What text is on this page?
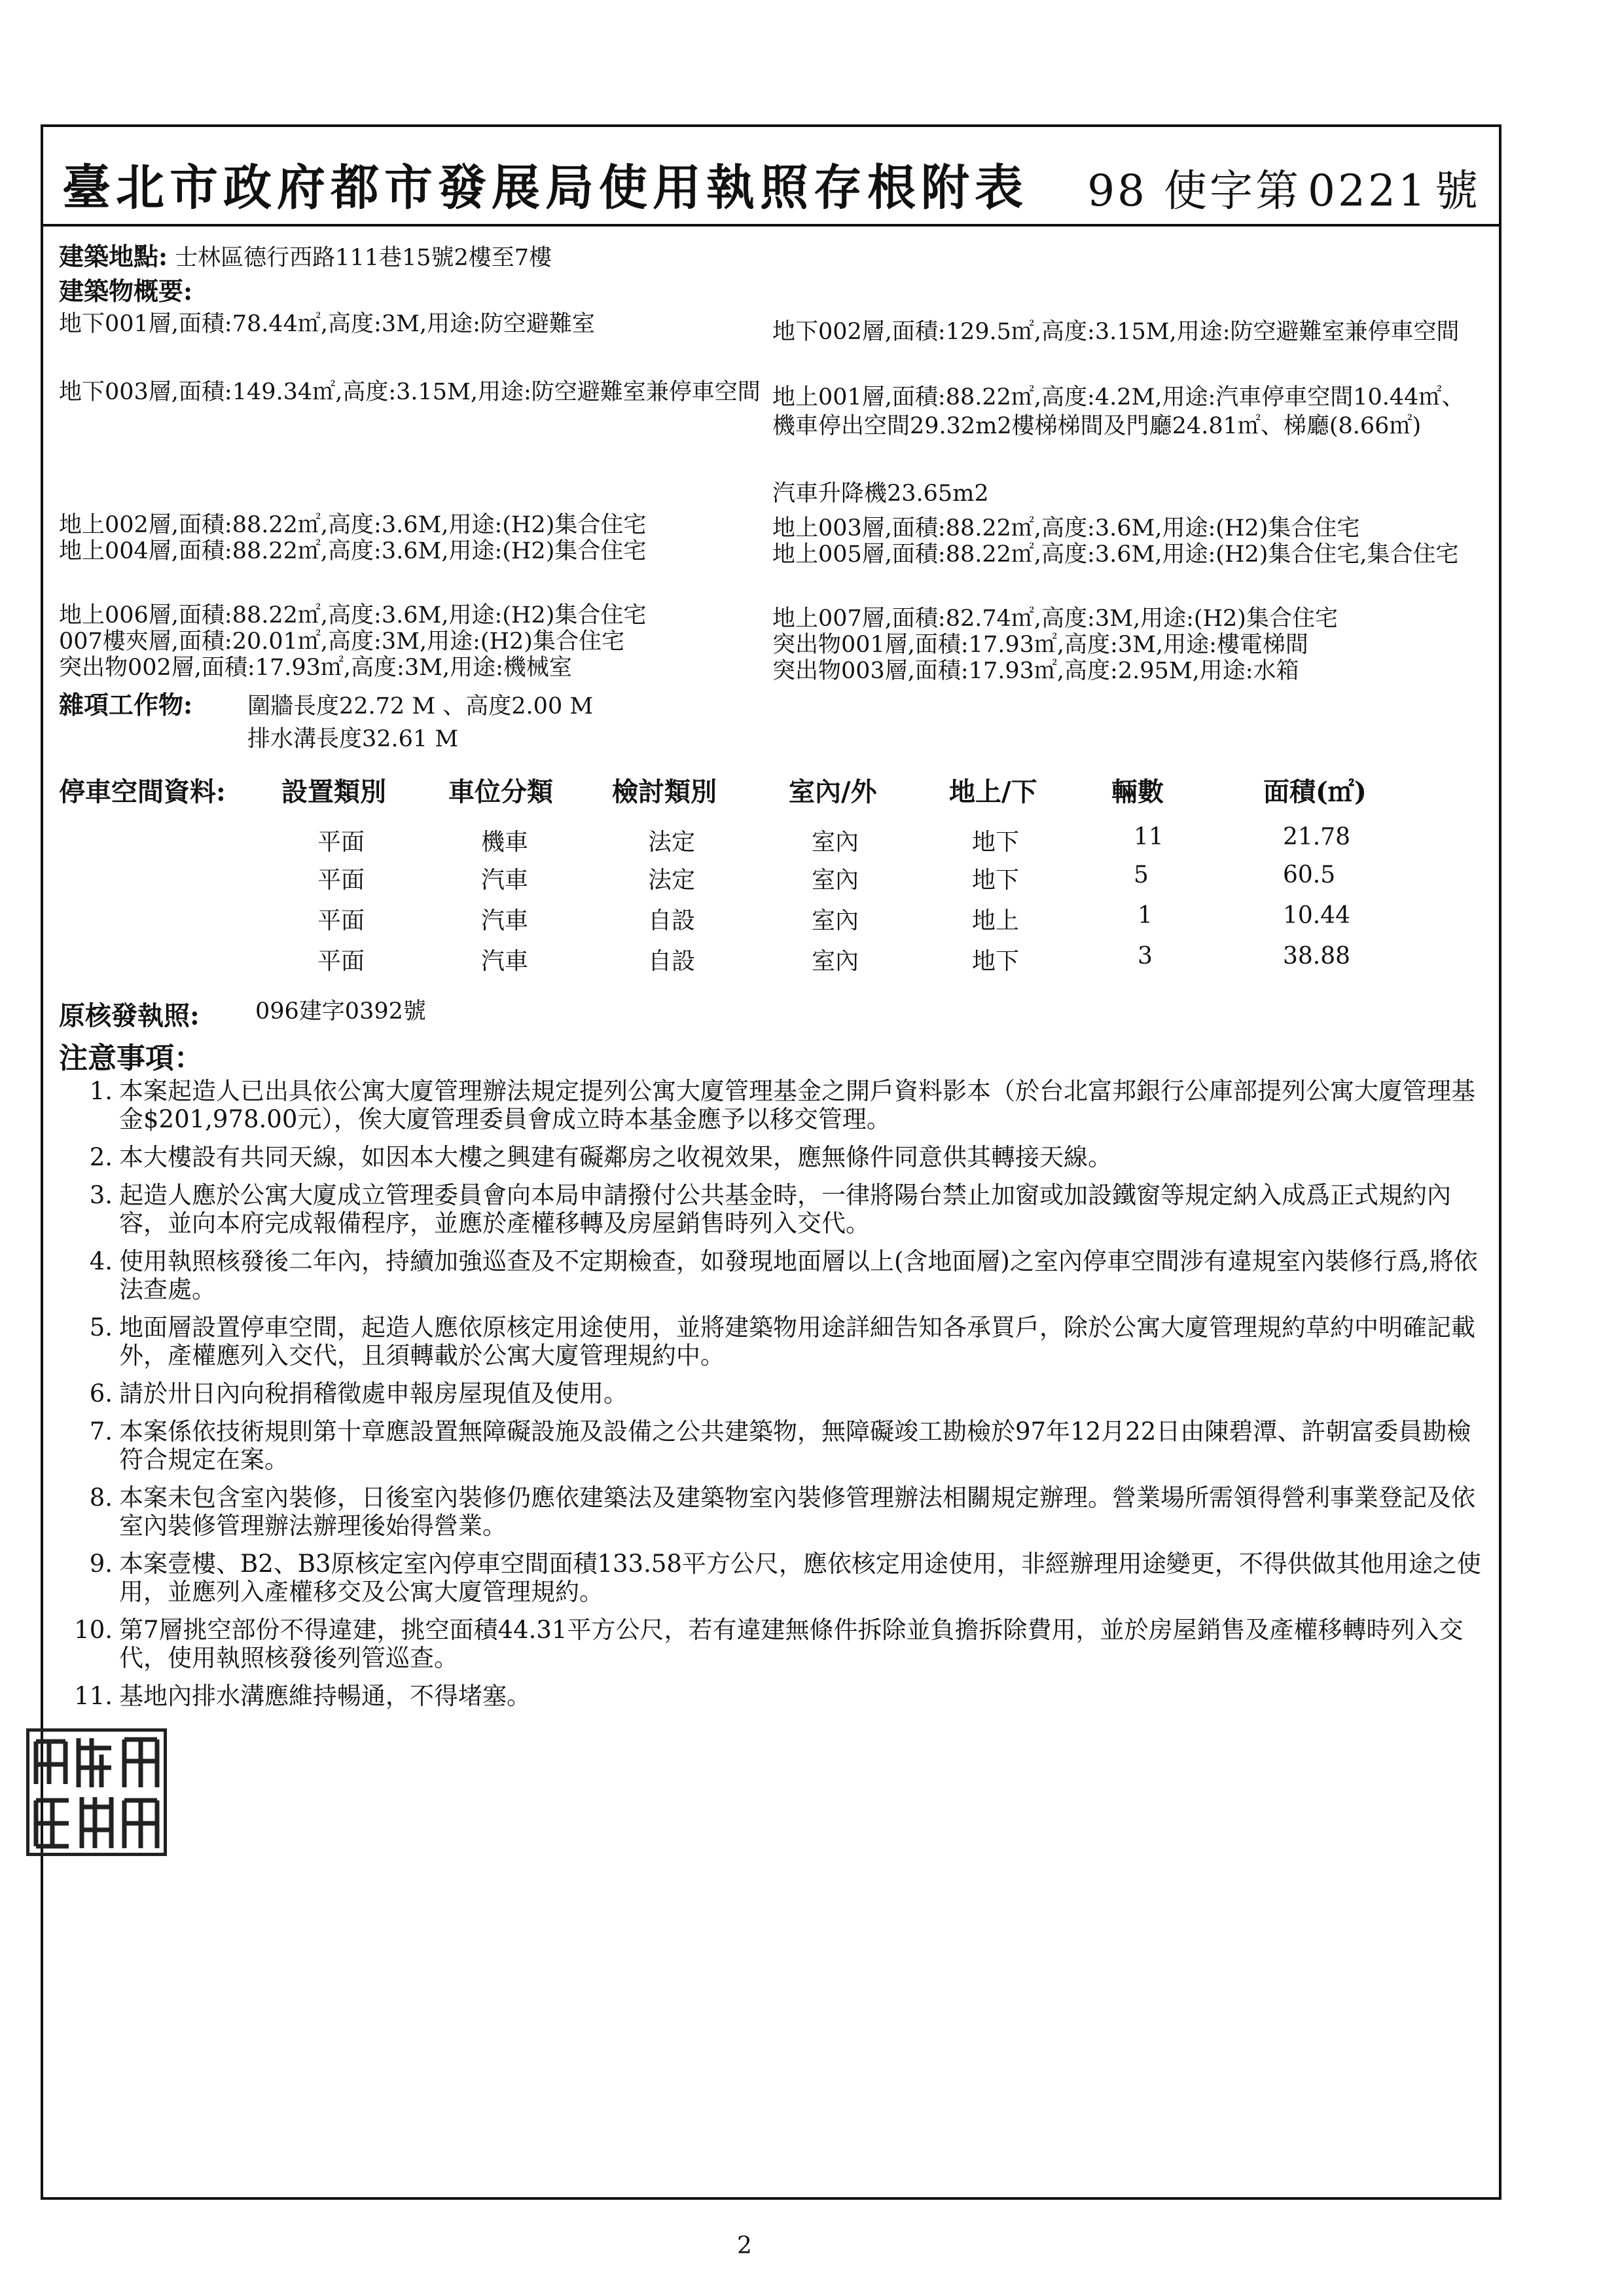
臺北市政府都市發展局使用執照存根附表 98 使字第 0221 號
建築地點: 士林區德行西路111巷15號2樓至7樓
建築物概要:
地下001層,面積:78.44㎡,高度:3M,用途:防空避難室
地下003層,面積:149.34㎡,高度:3.15M,用途:防空避難室兼停車空間
地上002層,面積:88.22㎡,高度:3.6M,用途:(H2)集合住宅
地上004層,面積:88.22㎡,高度:3.6M,用途:(H2)集合住宅
地上006層,面積:88.22㎡,高度:3.6M,用途:(H2)集合住宅
007樓夾層,面積:20.01㎡,高度:3M,用途:(H2)集合住宅
突出物002層,面積:17.93㎡,高度:3M,用途:機械室
地下002層,面積:129.5㎡,高度:3.15M,用途:防空避難室兼停車空間
地上001層,面積:88.22㎡,高度:4.2M,用途:汽車停車空間10.44㎡、機車停出空間29.32m2樓梯梯間及門廳24.81㎡、梯廳(8.66㎡)
汽車升降機23.65m2
地上003層,面積:88.22㎡,高度:3.6M,用途:(H2)集合住宅
地上005層,面積:88.22㎡,高度:3.6M,用途:(H2)集合住宅,集合住宅
地上007層,面積:82.74㎡,高度:3M,用途:(H2)集合住宅
突出物001層,面積:17.93㎡,高度:3M,用途:樓電梯間
突出物003層,面積:17.93㎡,高度:2.95M,用途:水箱
雜項工作物: 圍牆長度22.72 M 、高度2.00 M
排水溝長度32.61 M
停車空間資料: 設置類別 車位分類 檢討類別	室內/外	地上/下	輛數	面積(㎡)
平面	機車	法定	室內	地下	11	21.78
平面	汽車	法定	室內	地下	5	60.5
平面	汽車	自設	室內	地上	1	10.44
平面	汽車	自設	室內	地下	3	38.88
原核發執照: 096建字0392號
注意事項：
1. 本案起造人已出具依公寓大廈管理辦法規定提列公寓大廈管理基金之開戶資料影本（於台北富邦銀行公庫部提列公寓大廈管理基金$201,978.00元），俟大廈管理委員會成立時本基金應予以移交管理。
2. 本大樓設有共同天線，如因本大樓之興建有礙鄰房之收視效果，應無條件同意供其轉接天線。
3. 起造人應於公寓大廈成立管理委員會向本局申請撥付公共基金時，一律將陽台禁止加窗或加設鐵窗等規定納入成爲正式規約內容，並向本府完成報備程序，並應於產權移轉及房屋銷售時列入交代。
4. 使用執照核發後二年內，持續加強巡查及不定期檢查，如發現地面層以上(含地面層)之室內停車空間涉有違規室內裝修行爲,將依法查處。
5. 地面層設置停車空間，起造人應依原核定用途使用，並將建築物用途詳細告知各承買戶，除於公寓大廈管理規約草約中明確記載外，產權應列入交代，且須轉載於公寓大廈管理規約中。
6. 請於卅日內向稅捐稽徵處申報房屋現值及使用。
7. 本案係依技術規則第十章應設置無障礙設施及設備之公共建築物，無障礙竣工勘檢於97年12月22日由陳碧潭、許朝富委員勘檢符合規定在案。
8. 本案未包含室內裝修，日後室內裝修仍應依建築法及建築物室內裝修管理辦法相關規定辦理。營業場所需領得營利事業登記及依室內裝修管理辦法辦理後始得營業。
9. 本案壹樓、B2、B3原核定室內停車空間面積133.58平方公尺，應依核定用途使用，非經辦理用途變更，不得供做其他用途之使用，並應列入產權移交及公寓大廈管理規約。
10. 第7層挑空部份不得違建，挑空面積44.31平方公尺，若有違建無條件拆除並負擔拆除費用，並於房屋銷售及產權移轉時列入交代，使用執照核發後列管巡查。
11. 基地內排水溝應維持暢通，不得堵塞。
2
